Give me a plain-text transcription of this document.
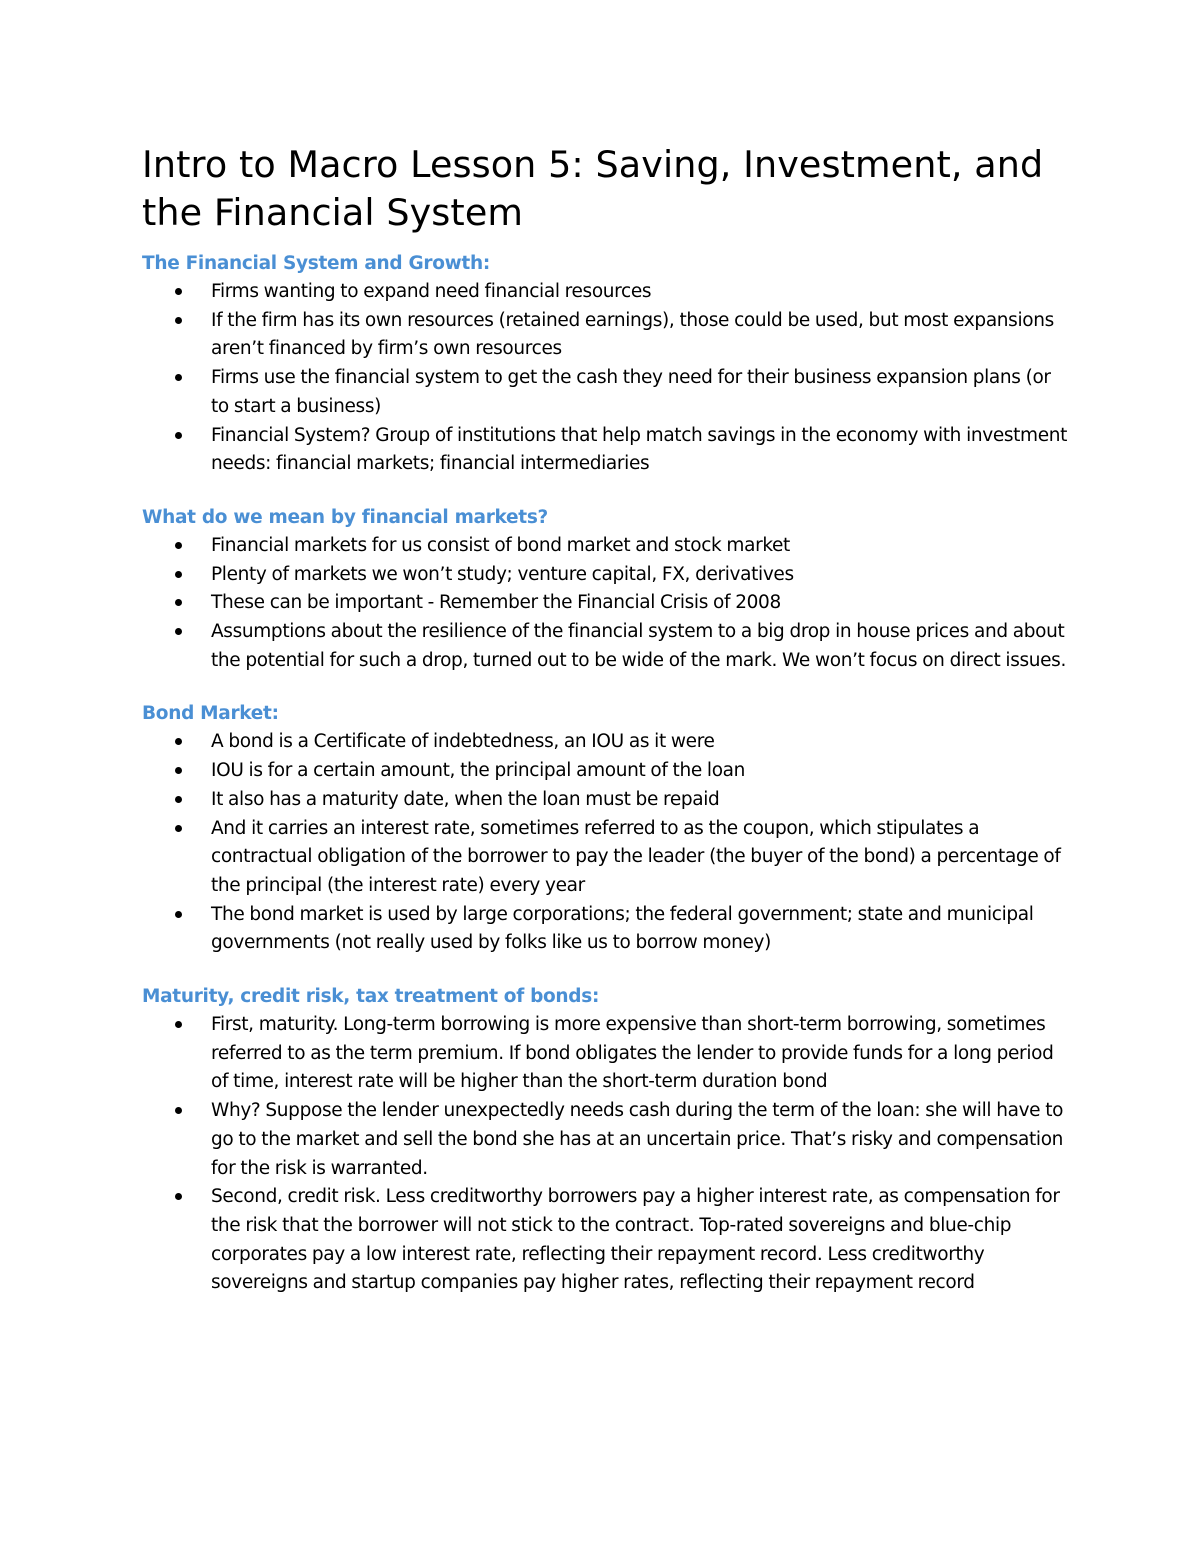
Intro to Macro Lesson 5: Saving, Investment, and the Financial System
The Financial System and Growth:
Firms wanting to expand need financial resources
If the firm has its own resources (retained earnings), those could be used, but most expansions aren’t financed by firm’s own resources
Firms use the financial system to get the cash they need for their business expansion plans (or to start a business)
Financial System? Group of institutions that help match savings in the economy with investment needs: financial markets; financial intermediaries
What do we mean by financial markets?
Financial markets for us consist of bond market and stock market
Plenty of markets we won’t study; venture capital, FX, derivatives
These can be important - Remember the Financial Crisis of 2008
Assumptions about the resilience of the financial system to a big drop in house prices and about the potential for such a drop, turned out to be wide of the mark. We won’t focus on direct issues.
Bond Market:
A bond is a Certificate of indebtedness, an IOU as it were
IOU is for a certain amount, the principal amount of the loan
It also has a maturity date, when the loan must be repaid
And it carries an interest rate, sometimes referred to as the coupon, which stipulates a contractual obligation of the borrower to pay the leader (the buyer of the bond) a percentage of the principal (the interest rate) every year
The bond market is used by large corporations; the federal government; state and municipal governments (not really used by folks like us to borrow money)
Maturity, credit risk, tax treatment of bonds:
First, maturity. Long-term borrowing is more expensive than short-term borrowing, sometimes referred to as the term premium. If bond obligates the lender to provide funds for a long period of time, interest rate will be higher than the short-term duration bond
Why? Suppose the lender unexpectedly needs cash during the term of the loan: she will have to go to the market and sell the bond she has at an uncertain price. That’s risky and compensation for the risk is warranted.
Second, credit risk. Less creditworthy borrowers pay a higher interest rate, as compensation for the risk that the borrower will not stick to the contract. Top-rated sovereigns and blue-chip corporates pay a low interest rate, reflecting their repayment record. Less creditworthy sovereigns and startup companies pay higher rates, reflecting their repayment record
